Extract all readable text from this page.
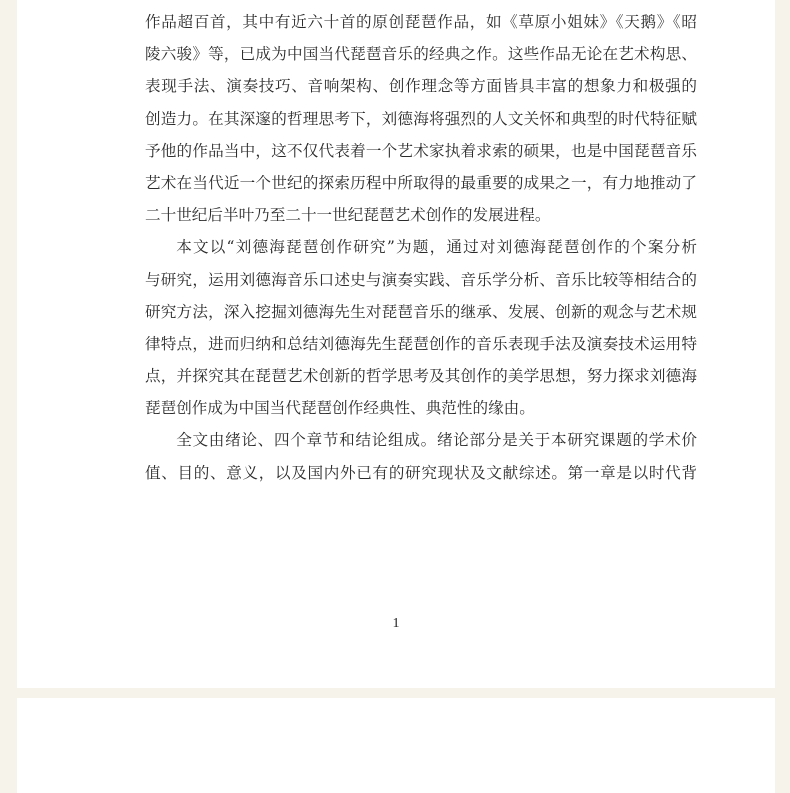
作品超百首，其中有近六十首的原创琵琶作品，如《草原小姐妹》《天鹅》《昭
陵六骏》等，已成为中国当代琵琶音乐的经典之作。这些作品无论在艺术构思、
表现手法、演奏技巧、音响架构、创作理念等方面皆具丰富的想象力和极强的
创造力。在其深邃的哲理思考下，刘德海将强烈的人文关怀和典型的时代特征赋
予他的作品当中，这不仅代表着一个艺术家执着求索的硕果，也是中国琵琶音乐
艺术在当代近一个世纪的探索历程中所取得的最重要的成果之一，有力地推动了
二十世纪后半叶乃至二十一世纪琵琶艺术创作的发展进程。
本文以“刘德海琵琶创作研究”为题，通过对刘德海琵琶创作的个案分析
与研究，运用刘德海音乐口述史与演奏实践、音乐学分析、音乐比较等相结合的
研究方法，深入挖掘刘德海先生对琵琶音乐的继承、发展、创新的观念与艺术规
律特点，进而归纳和总结刘德海先生琵琶创作的音乐表现手法及演奏技术运用特
点，并探究其在琵琶艺术创新的哲学思考及其创作的美学思想，努力探求刘德海
琵琶创作成为中国当代琵琶创作经典性、典范性的缘由。
全文由绪论、四个章节和结论组成。绪论部分是关于本研究课题的学术价
值、目的、意义，以及国内外已有的研究现状及文献综述。第一章是以时代背
1
